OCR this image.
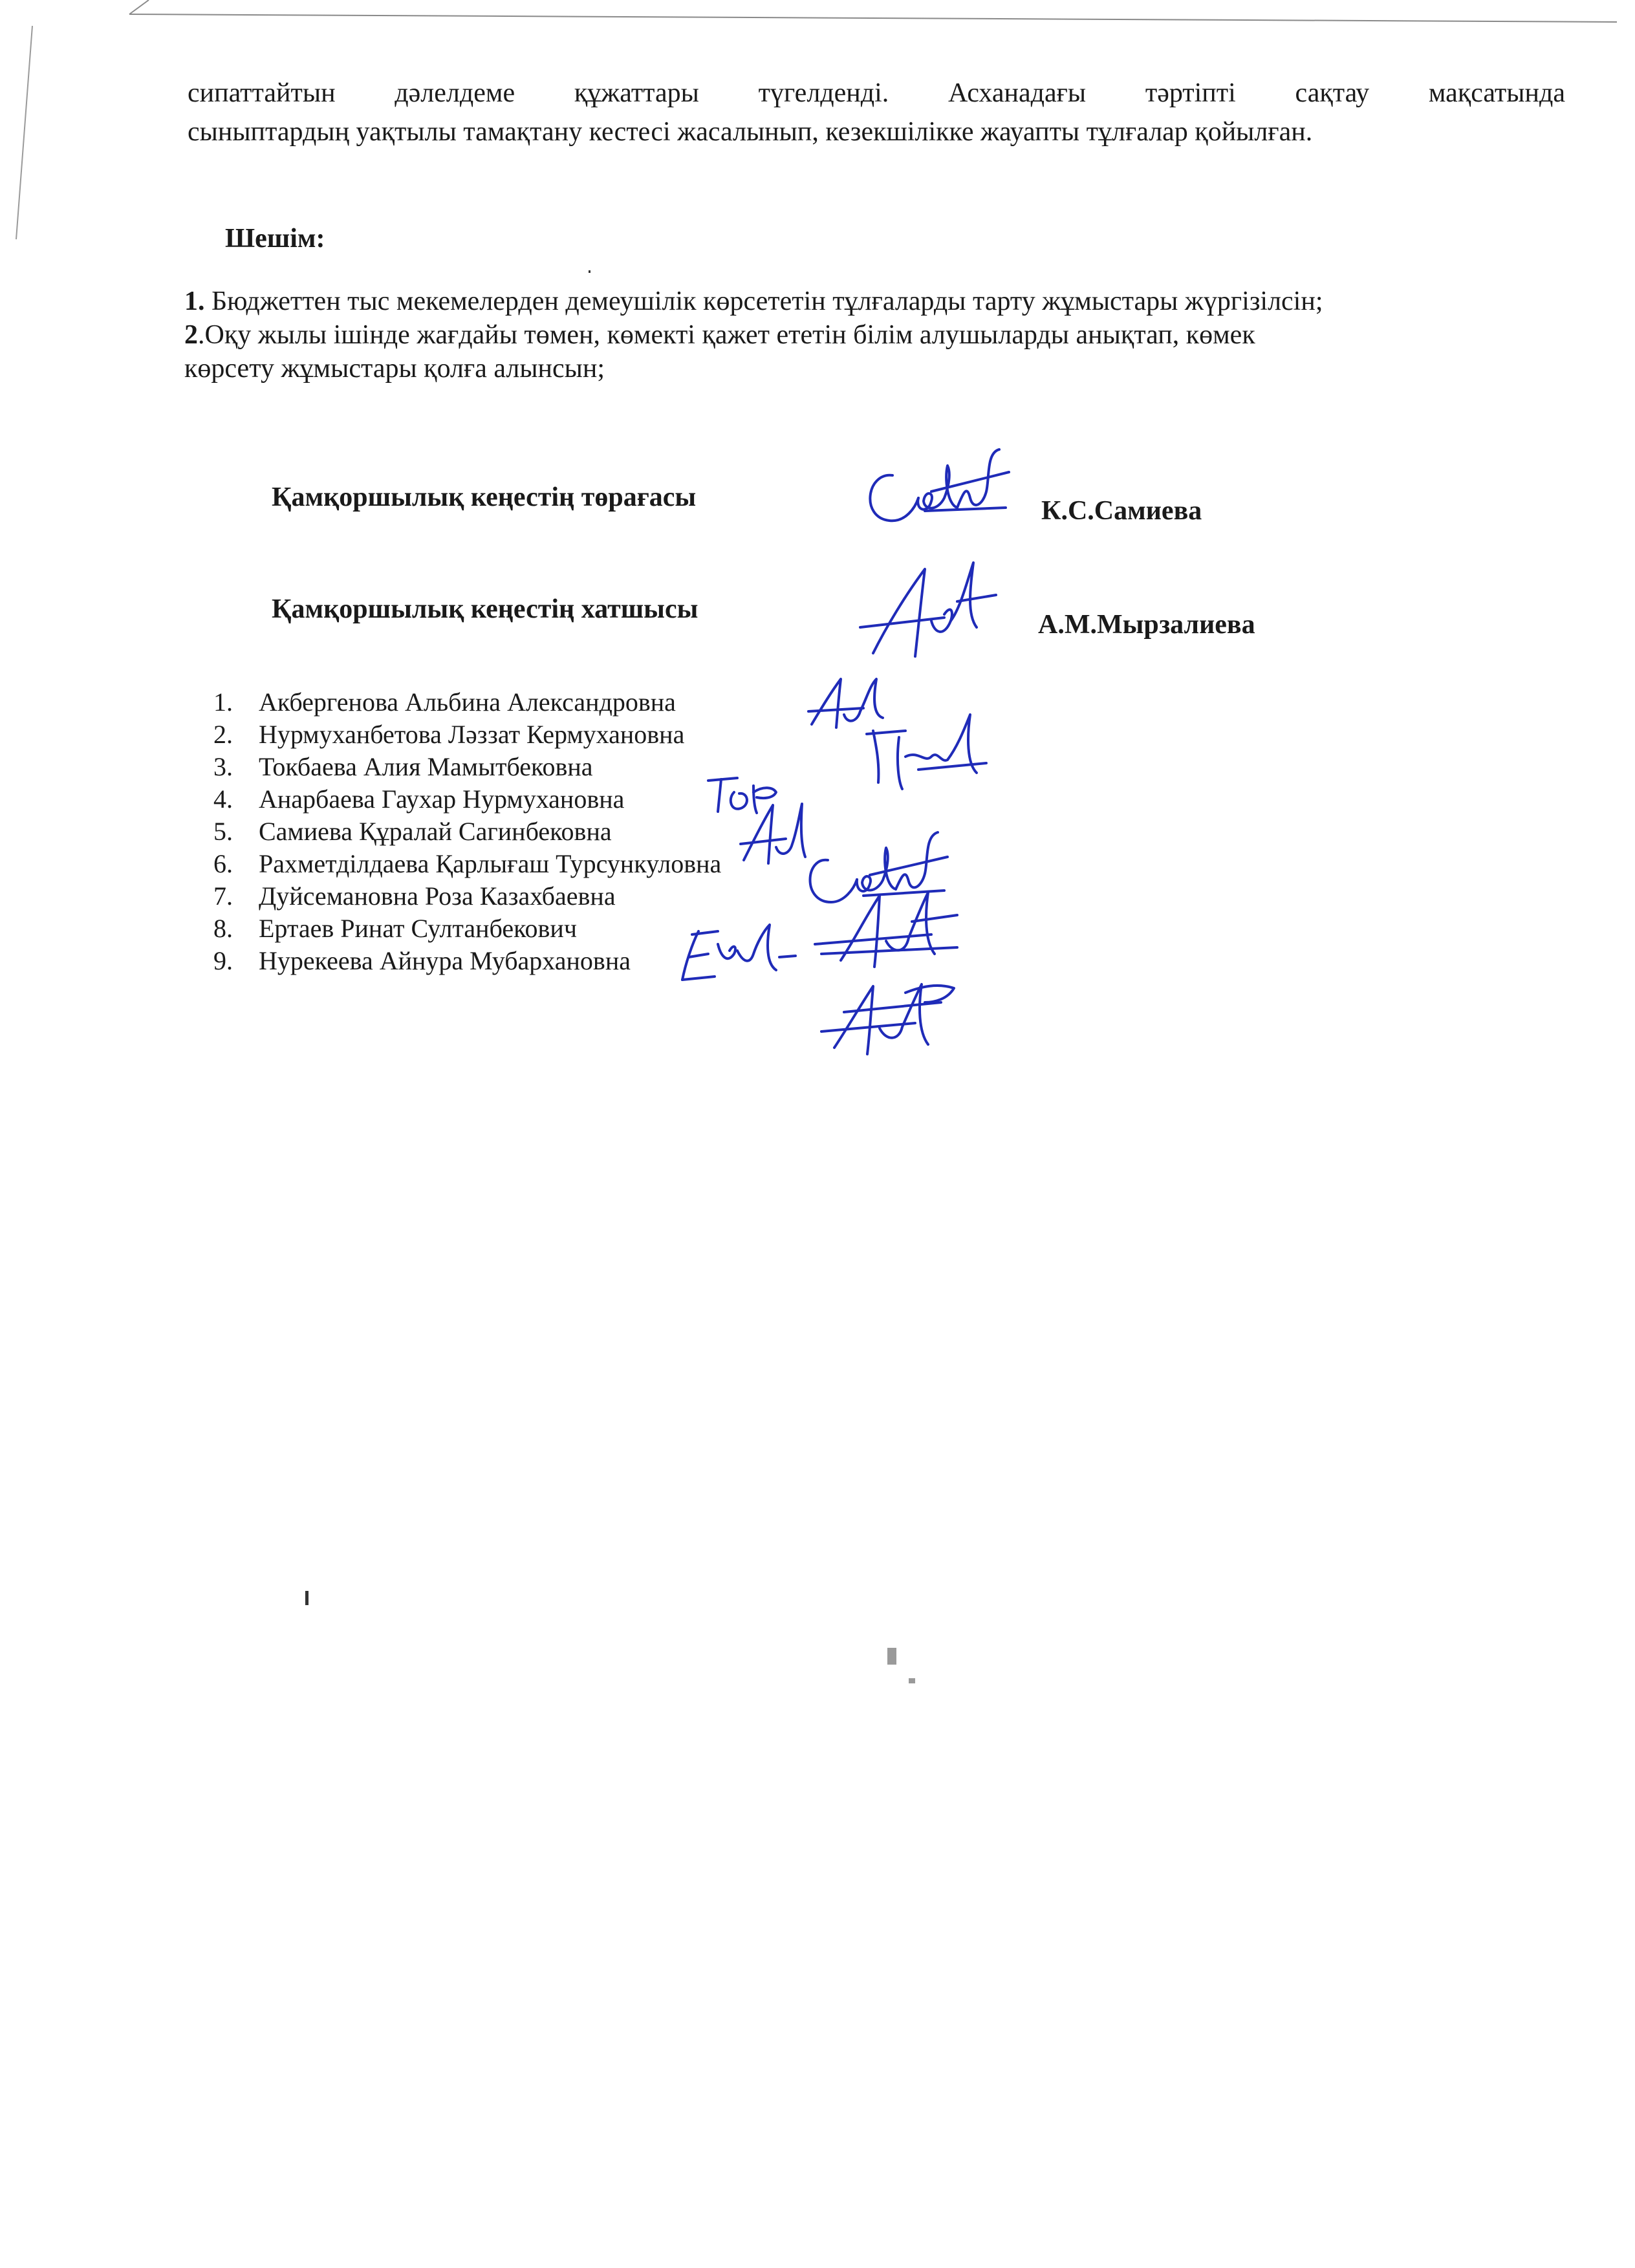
сипаттайтын дәлелдеме құжаттары түгелденді. Асханадағы тәртіпті сақтау мақсатында
сыныптардың уақтылы тамақтану кестесі жасалынып, кезекшілікке жауапты тұлғалар қойылған.
Шешім:
1. Бюджеттен тыс мекемелерден демеушілік көрсететін тұлғаларды тарту жұмыстары жүргізілсін;
2.Оқу жылы ішінде жағдайы төмен, көмекті қажет ететін білім алушыларды анықтап, көмек
көрсету жұмыстары қолға алынсын;
Қамқоршылық кеңестің төрағасы	К.С.Самиева
Қамқоршылық кеңестің хатшысы
А.М.Мырзалиева
1. Акбергенова Альбина Александровна
2. Нурмуханбетова Ләззат Кермухановна
3. Токбаева Алия Мамытбековна
4. Анарбаева Гаухар Нурмухановна
5. Самиева Құралай Сагинбековна
6. Рахметділдаева Қарлығаш Турсункуловна
7. Дуйсемановна Роза Казахбаевна
8. Ертаев Ринат Султанбекович
9. Нурекеева Айнура Мубархановна
